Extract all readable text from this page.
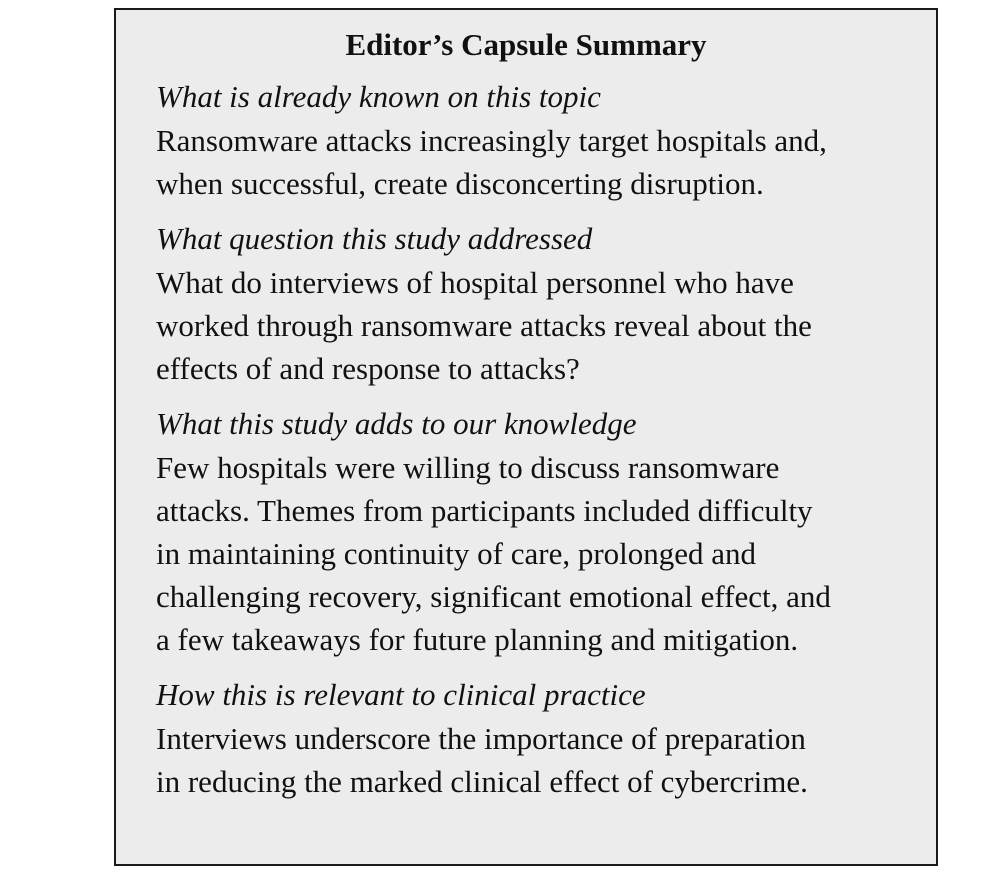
Editor’s Capsule Summary

What is already known on this topic

Ransomware attacks increasingly target hospitals and,
when successful, create disconcerting disruption.

What question this study addressed

What do interviews of hospital personnel who have
worked through ransomware attacks reveal about the
effects of and response to attacks?

What this study adds to our knowledge

Few hospitals were willing to discuss ransomware
attacks. Themes from participants included difficulty
in maintaining continuity of care, prolonged and
challenging recovery, significant emotional effect, and
a few takeaways for future planning and mitigation.

How this is relevant to clinical practice

Interviews underscore the importance of preparation
in reducing the marked clinical effect of cybercrime.
